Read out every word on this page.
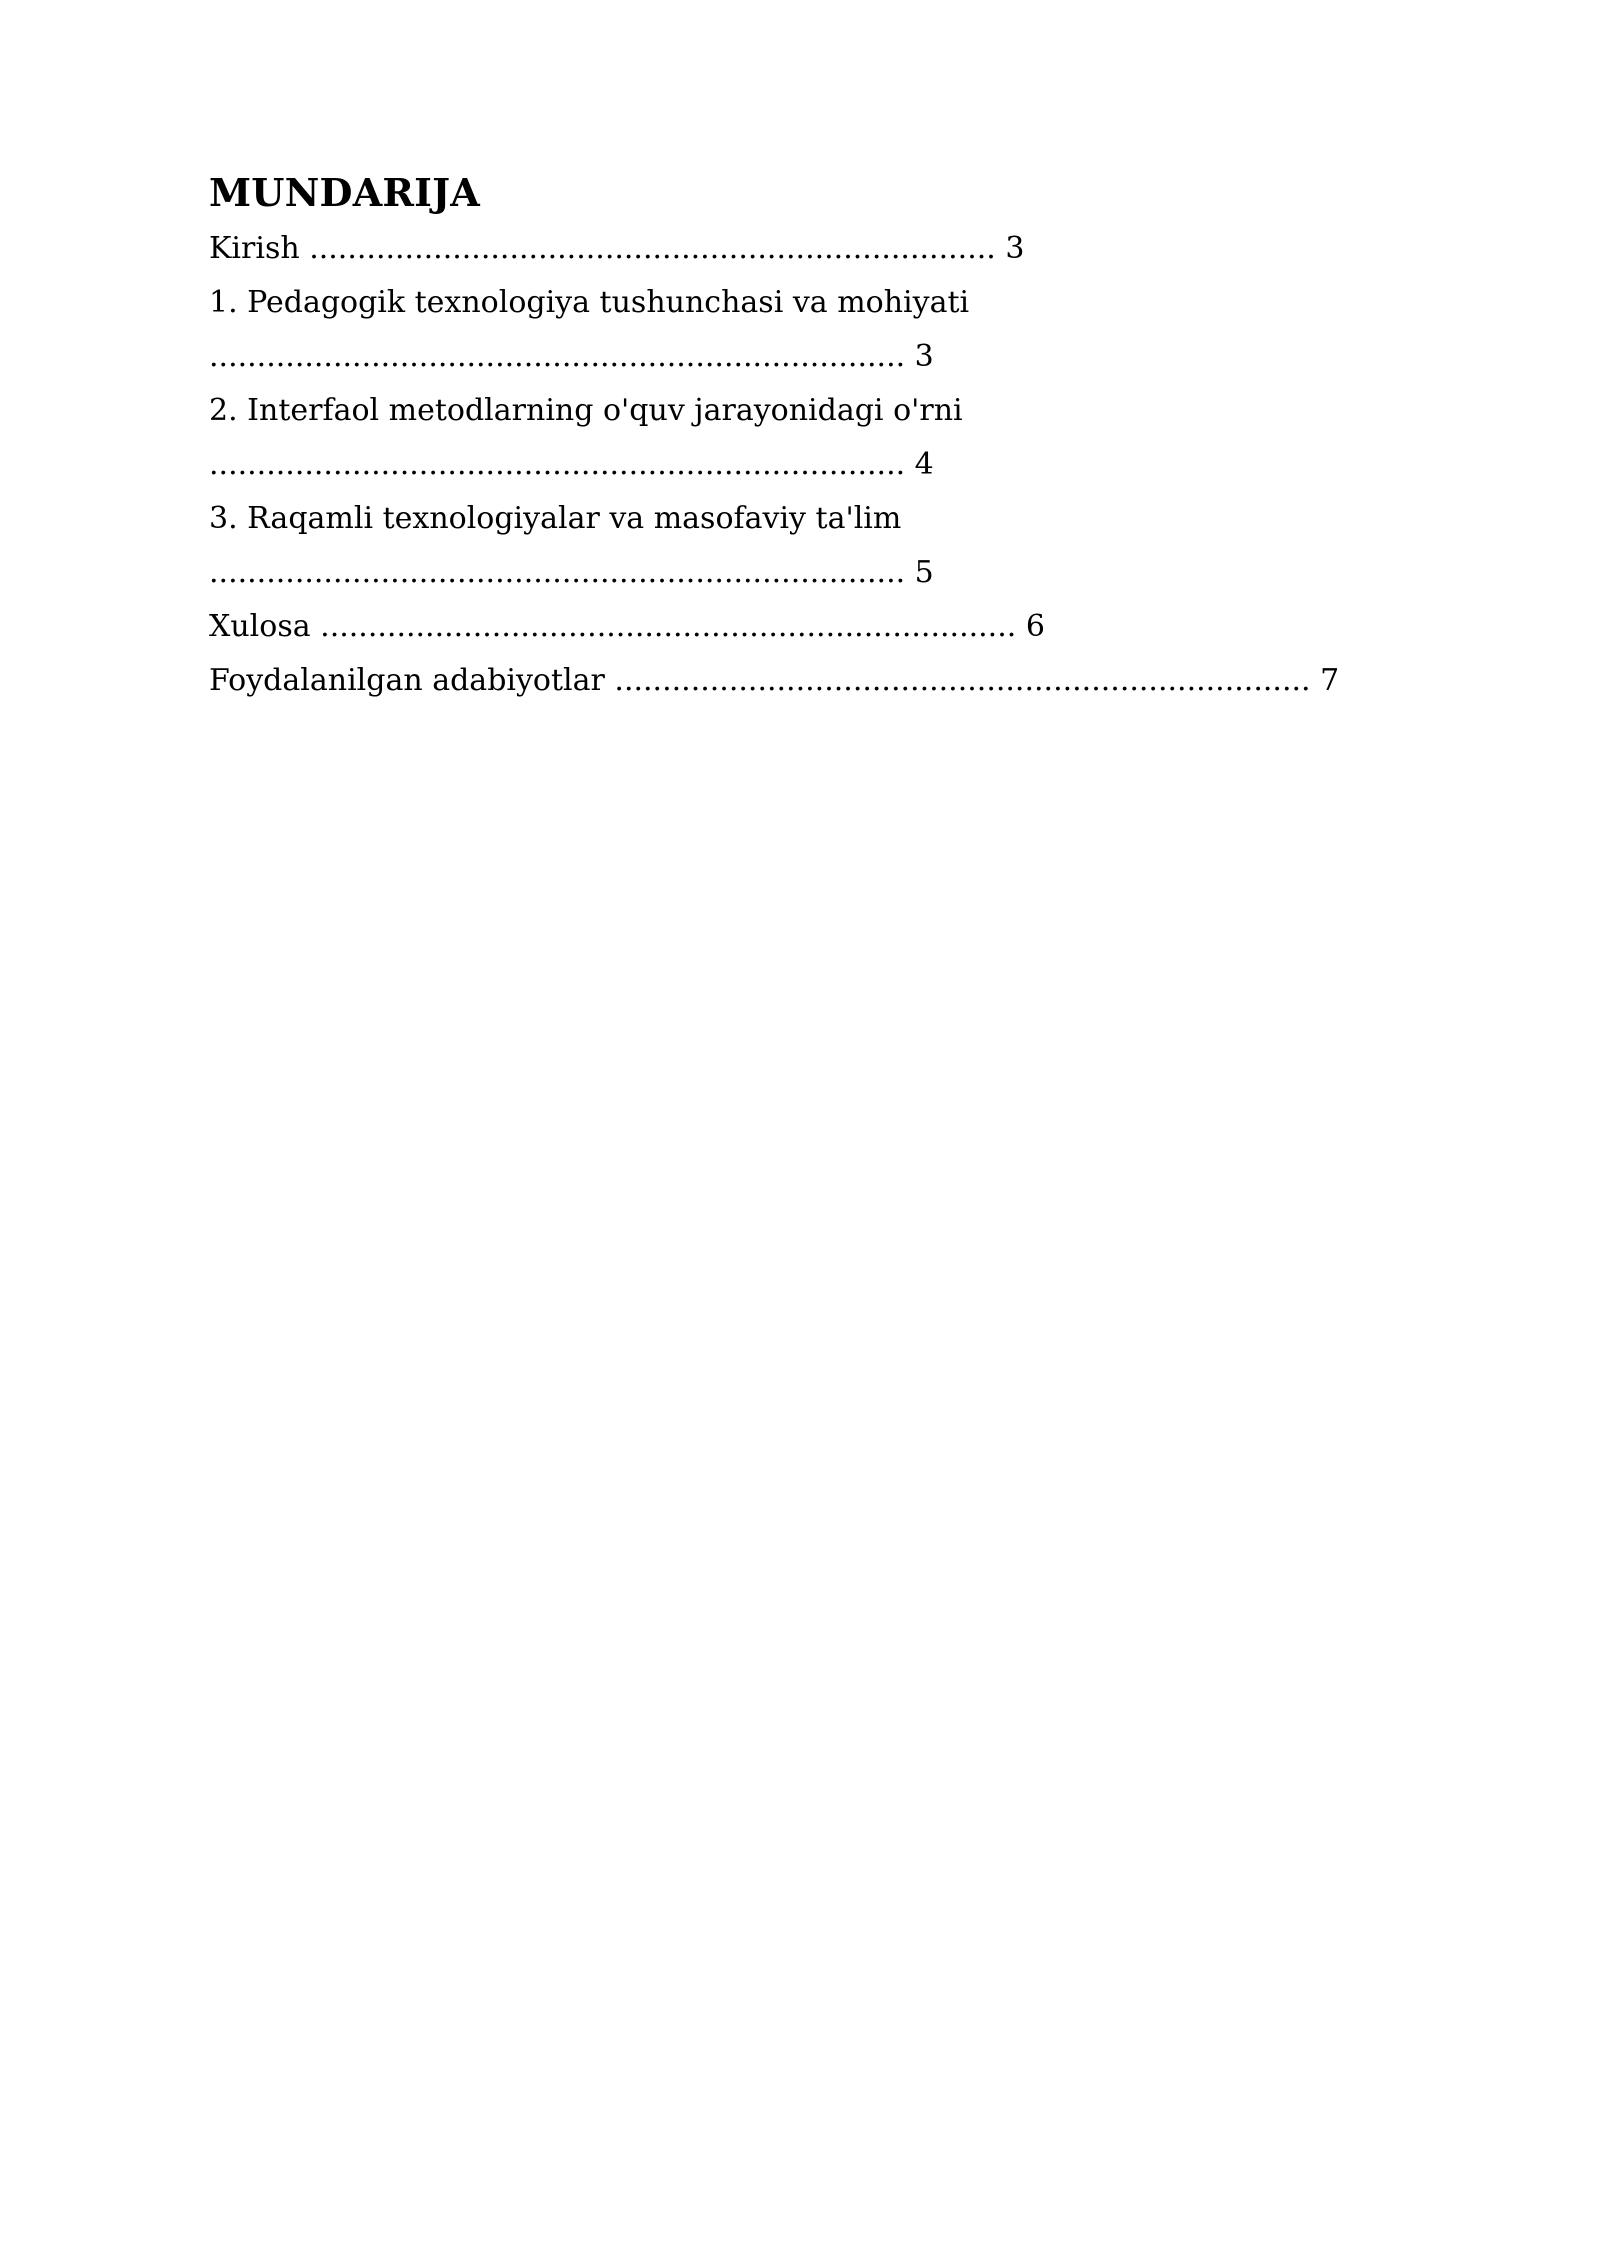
MUNDARIJA
Kirish ........................................................................ 3
1. Pedagogik texnologiya tushunchasi va mohiyati
......................................................................... 3
2. Interfaol metodlarning o'quv jarayonidagi o'rni
......................................................................... 4
3. Raqamli texnologiyalar va masofaviy ta'lim
......................................................................... 5
Xulosa ......................................................................... 6
Foydalanilgan adabiyotlar ......................................................................... 7
